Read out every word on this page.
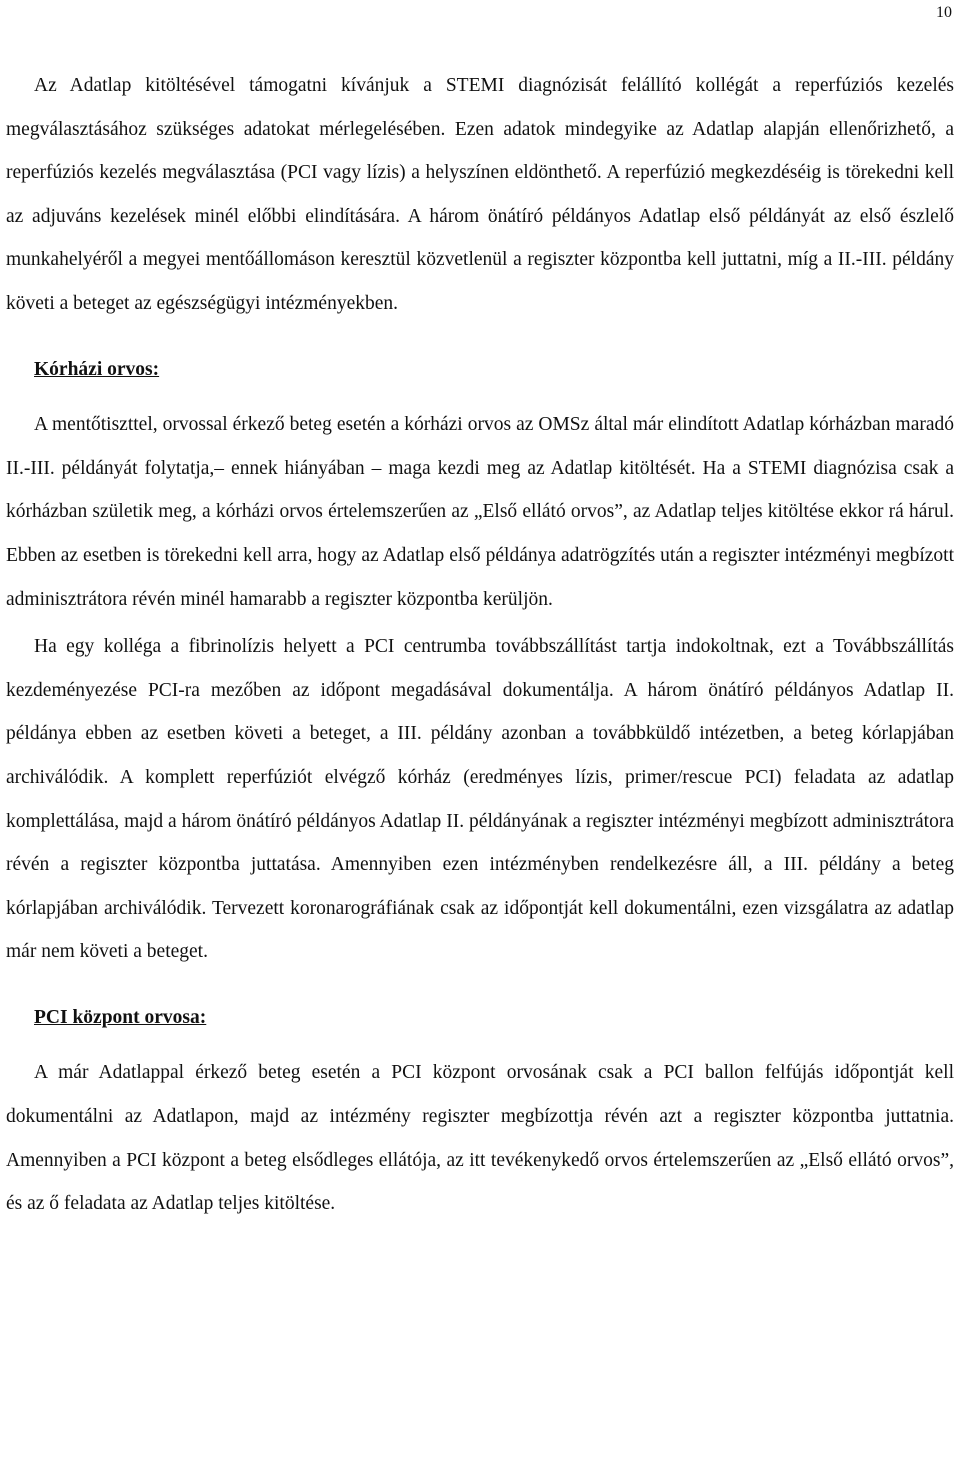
10

Az Adatlap kitöltésével támogatni kívánjuk a STEMI diagnózisát felállító kollégát a reperfúziós kezelés megválasztásához szükséges adatokat mérlegelésében. Ezen adatok mindegyike az Adatlap alapján ellenőrizhető, a reperfúziós kezelés megválasztása (PCI vagy lízis) a helyszínen eldönthető. A reperfúzió megkezdéséig is törekedni kell az adjuváns kezelések minél előbbi elindítására. A három önátíró példányos Adatlap első példányát az első észlelő munkahelyéről a megyei mentőállomáson keresztül közvetlenül a regiszter központba kell juttatni, míg a II.-III. példány követi a beteget az egészségügyi intézményekben.

Kórházi orvos:

A mentőtiszttel, orvossal érkező beteg esetén a kórházi orvos az OMSz által már elindított Adatlap kórházban maradó II.-III. példányát folytatja,– ennek hiányában – maga kezdi meg az Adatlap kitöltését. Ha a STEMI diagnózisa csak a kórházban születik meg, a kórházi orvos értelemszerűen az „Első ellátó orvos”, az Adatlap teljes kitöltése ekkor rá hárul. Ebben az esetben is törekedni kell arra, hogy az Adatlap első példánya adatrögzítés után a regiszter intézményi megbízott adminisztrátora révén minél hamarabb a regiszter központba kerüljön.

Ha egy kolléga a fibrinolízis helyett a PCI centrumba továbbszállítást tartja indokoltnak, ezt a Továbbszállítás kezdeményezése PCI-ra mezőben az időpont megadásával dokumentálja. A három önátíró példányos Adatlap II. példánya ebben az esetben követi a beteget, a III. példány azonban a továbbküldő intézetben, a beteg kórlapjában archiválódik. A komplett reperfúziót elvégző kórház (eredményes lízis, primer/rescue PCI) feladata az adatlap komplettálása, majd a három önátíró példányos Adatlap II. példányának a regiszter intézményi megbízott adminisztrátora révén a regiszter központba juttatása. Amennyiben ezen intézményben rendelkezésre áll, a III. példány a beteg kórlapjában archiválódik. Tervezett koronarográfiának csak az időpontját kell dokumentálni, ezen vizsgálatra az adatlap már nem követi a beteget.

PCI központ orvosa:

A már Adatlappal érkező beteg esetén a PCI központ orvosának csak a PCI ballon felfújás időpontját kell dokumentálni az Adatlapon, majd az intézmény regiszter megbízottja révén azt a regiszter központba juttatnia. Amennyiben a PCI központ a beteg elsődleges ellátója, az itt tevékenykedő orvos értelemszerűen az „Első ellátó orvos”, és az ő feladata az Adatlap teljes kitöltése.
